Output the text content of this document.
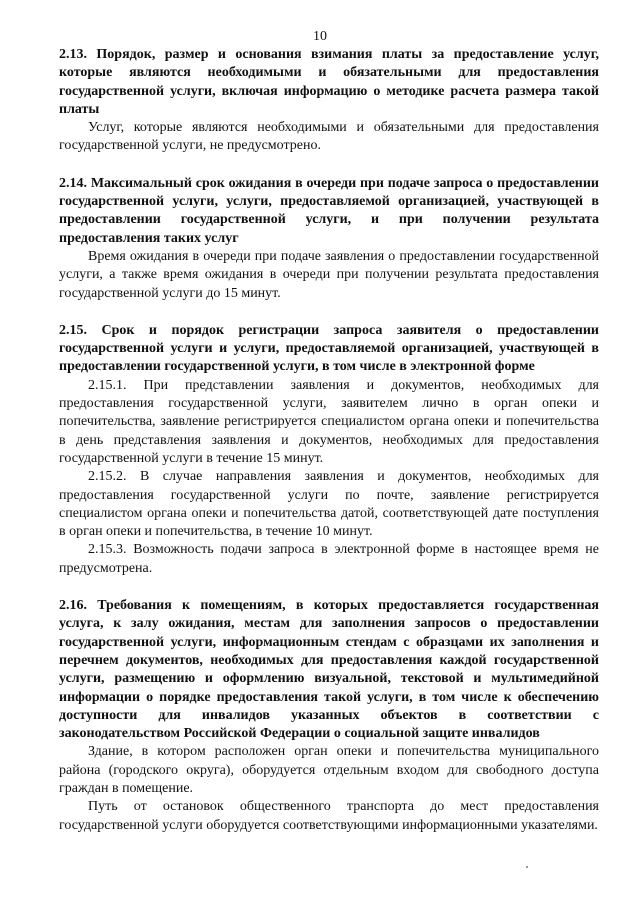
10

2.13. Порядок, размер и основания взимания платы за предоставление услуг, которые являются необходимыми и обязательными для предоставления государственной услуги, включая информацию о методике расчета размера такой платы

Услуг, которые являются необходимыми и обязательными для предоставления государственной услуги, не предусмотрено.

2.14. Максимальный срок ожидания в очереди при подаче запроса о предоставлении государственной услуги, услуги, предоставляемой организацией, участвующей в предоставлении государственной услуги, и при получении результата предоставления таких услуг

Время ожидания в очереди при подаче заявления о предоставлении государственной услуги, а также время ожидания в очереди при получении результата предоставления государственной услуги до 15 минут.

2.15. Срок и порядок регистрации запроса заявителя о предоставлении государственной услуги и услуги, предоставляемой организацией, участвующей в предоставлении государственной услуги, в том числе в электронной форме

2.15.1. При представлении заявления и документов, необходимых для предоставления государственной услуги, заявителем лично в орган опеки и попечительства, заявление регистрируется специалистом органа опеки и попечительства в день представления заявления и документов, необходимых для предоставления государственной услуги в течение 15 минут.

2.15.2. В случае направления заявления и документов, необходимых для предоставления государственной услуги по почте, заявление регистрируется специалистом органа опеки и попечительства датой, соответствующей дате поступления в орган опеки и попечительства, в течение 10 минут.

2.15.3. Возможность подачи запроса в электронной форме в настоящее время не предусмотрена.

2.16. Требования к помещениям, в которых предоставляется государственная услуга, к залу ожидания, местам для заполнения запросов о предоставлении государственной услуги, информационным стендам с образцами их заполнения и перечнем документов, необходимых для предоставления каждой государственной услуги, размещению и оформлению визуальной, текстовой и мультимедийной информации о порядке предоставления такой услуги, в том числе к обеспечению доступности для инвалидов указанных объектов в соответствии с законодательством Российской Федерации о социальной защите инвалидов

Здание, в котором расположен орган опеки и попечительства муниципального района (городского округа), оборудуется отдельным входом для свободного доступа граждан в помещение.

Путь от остановок общественного транспорта до мест предоставления государственной услуги оборудуется соответствующими информационными указателями.
